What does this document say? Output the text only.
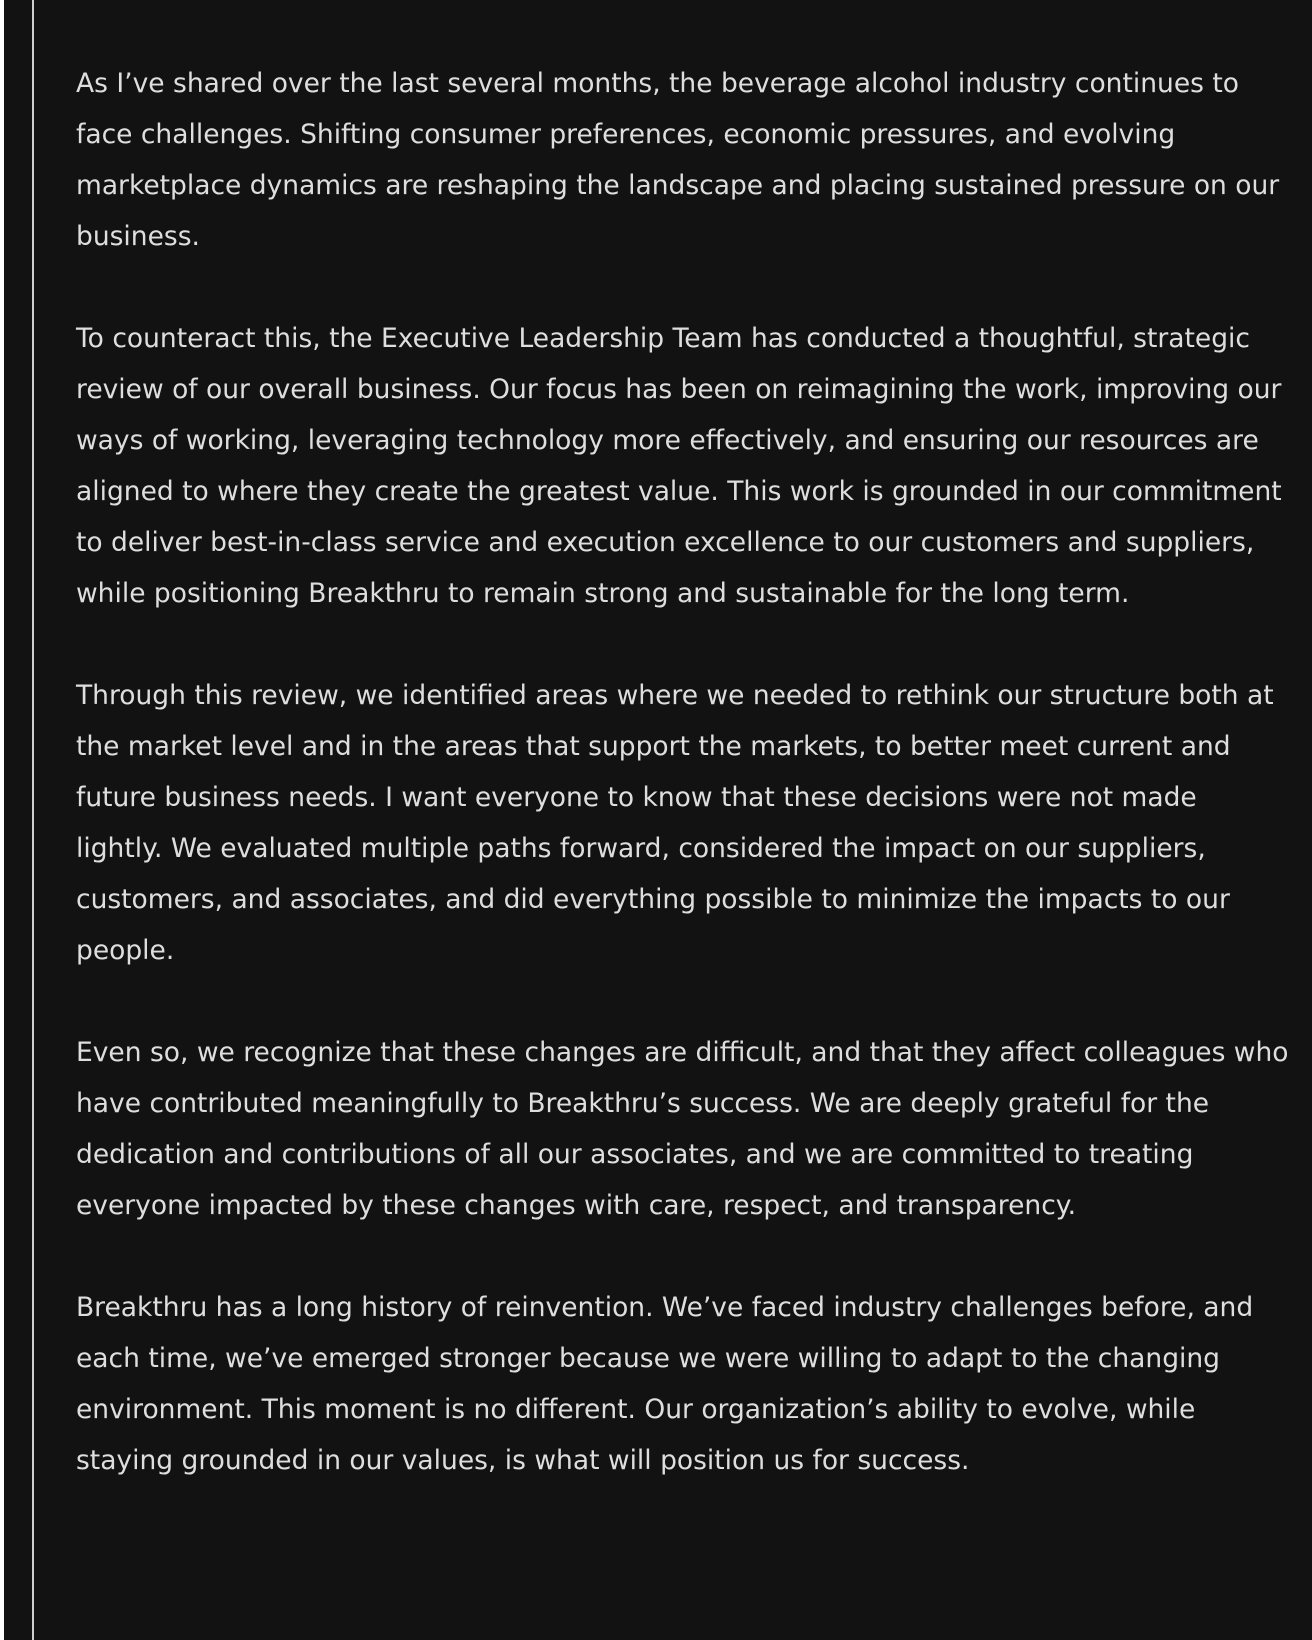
As I’ve shared over the last several months, the beverage alcohol industry continues to face challenges. Shifting consumer preferences, economic pressures, and evolving marketplace dynamics are reshaping the landscape and placing sustained pressure on our business.

To counteract this, the Executive Leadership Team has conducted a thoughtful, strategic review of our overall business. Our focus has been on reimagining the work, improving our ways of working, leveraging technology more effectively, and ensuring our resources are aligned to where they create the greatest value. This work is grounded in our commitment to deliver best-in-class service and execution excellence to our customers and suppliers, while positioning Breakthru to remain strong and sustainable for the long term.

Through this review, we identified areas where we needed to rethink our structure both at the market level and in the areas that support the markets, to better meet current and future business needs. I want everyone to know that these decisions were not made lightly. We evaluated multiple paths forward, considered the impact on our suppliers, customers, and associates, and did everything possible to minimize the impacts to our people.

Even so, we recognize that these changes are difficult, and that they affect colleagues who have contributed meaningfully to Breakthru’s success. We are deeply grateful for the dedication and contributions of all our associates, and we are committed to treating everyone impacted by these changes with care, respect, and transparency.

Breakthru has a long history of reinvention. We’ve faced industry challenges before, and each time, we’ve emerged stronger because we were willing to adapt to the changing environment. This moment is no different. Our organization’s ability to evolve, while staying grounded in our values, is what will position us for success.
